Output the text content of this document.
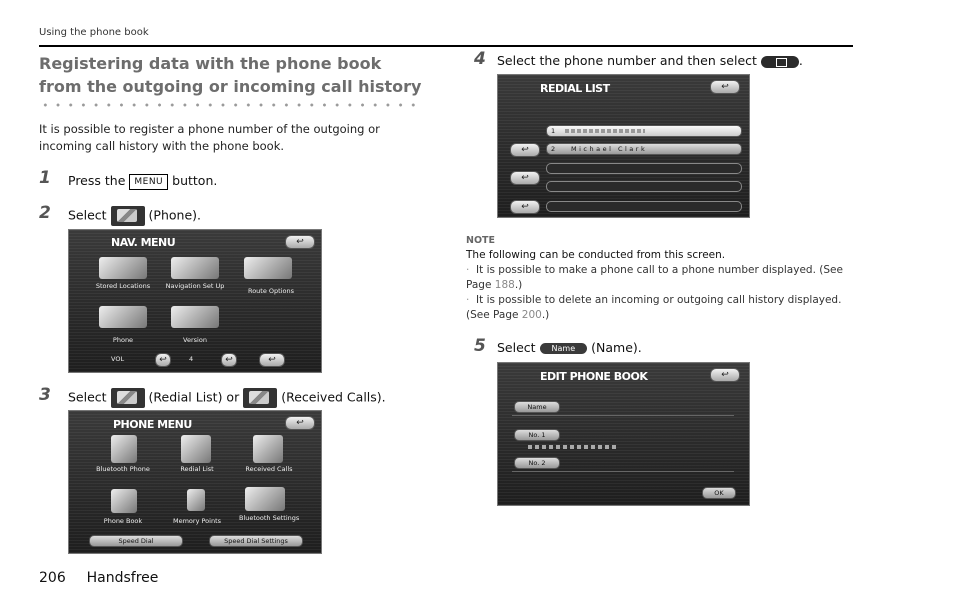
Using the phone book
Registering data with the phone book from the outgoing or incoming call history
It is possible to register a phone number of the outgoing or incoming call history with the phone book.
1 Press the MENU button.
2 Select	(Phone).
NAV. MENU
↩
Stored Locations	Navigation Set Up
Route Options
Phone	Version
VOL
↩	4
↩
↩
3 Select	(Redial List) or	(Received Calls).
PHONE MENU
↩
Bluetooth Phone	Redial List	Received Calls
Phone Book	Memory Points	Bluetooth Settings
Speed Dial	Speed Dial Settings
4 Select the phone number and then select	.
REDIAL LIST
↩
1
↩
2 Michael Clark
↩
↩
NOTE
The following can be conducted from this screen.
·  It is possible to make a phone call to a phone number displayed. (See Page 188.)
·  It is possible to delete an incoming or outgoing call history displayed. (See Page 200.)
5 Select Name (Name).
EDIT PHONE BOOK
↩
Name
No. 1
No. 2
OK
206 Handsfree
